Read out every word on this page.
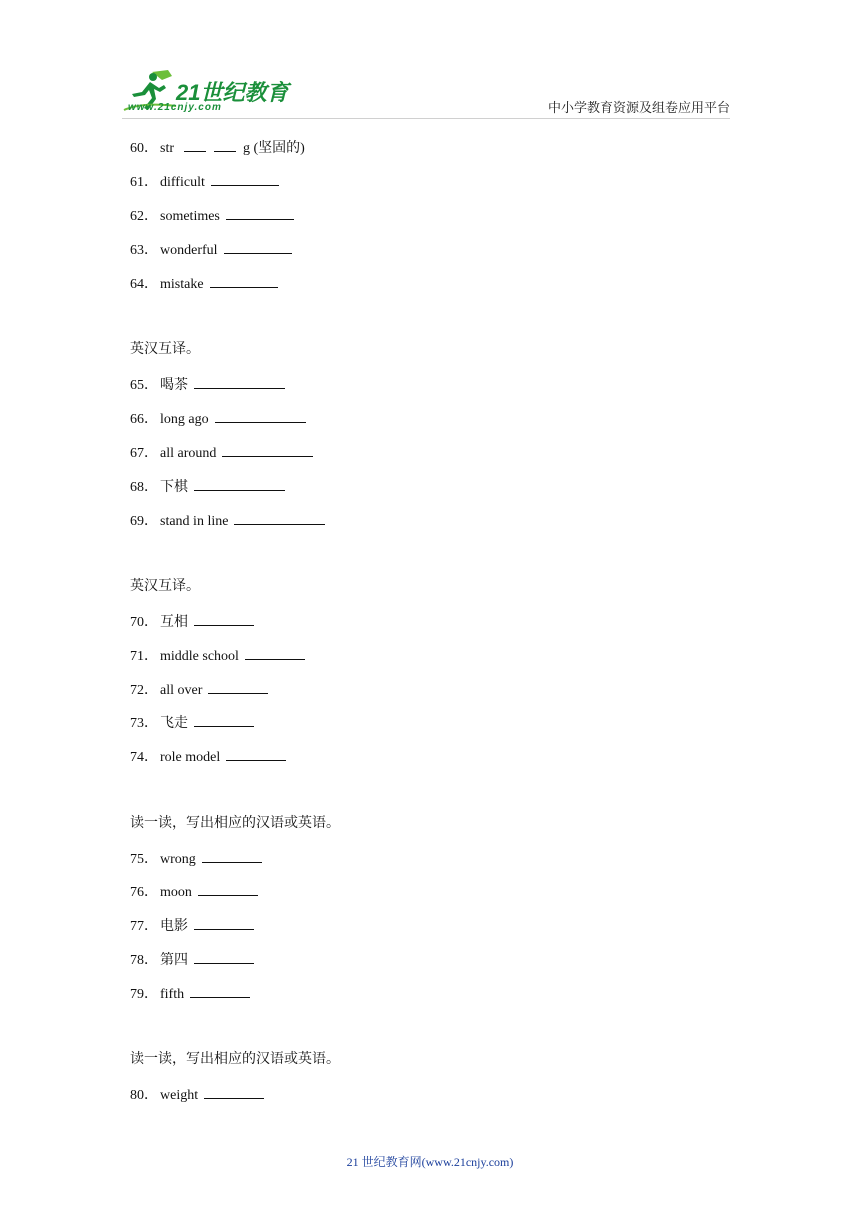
21世纪教育
www.21cnjy.com	中小学教育资源及组卷应用平台
60． str	g (坚固的)
61． difficult
62． sometimes
63． wonderful
64． mistake
英汉互译。
65． 喝茶
66． long ago
67． all around
68． 下棋
69． stand in line
英汉互译。
70． 互相
71． middle school
72． all over
73． 飞走
74． role model
读一读，写出相应的汉语或英语。
75． wrong
76． moon
77． 电影
78． 第四
79． fifth
读一读，写出相应的汉语或英语。
80． weight
21 世纪教育网(www.21cnjy.com)
